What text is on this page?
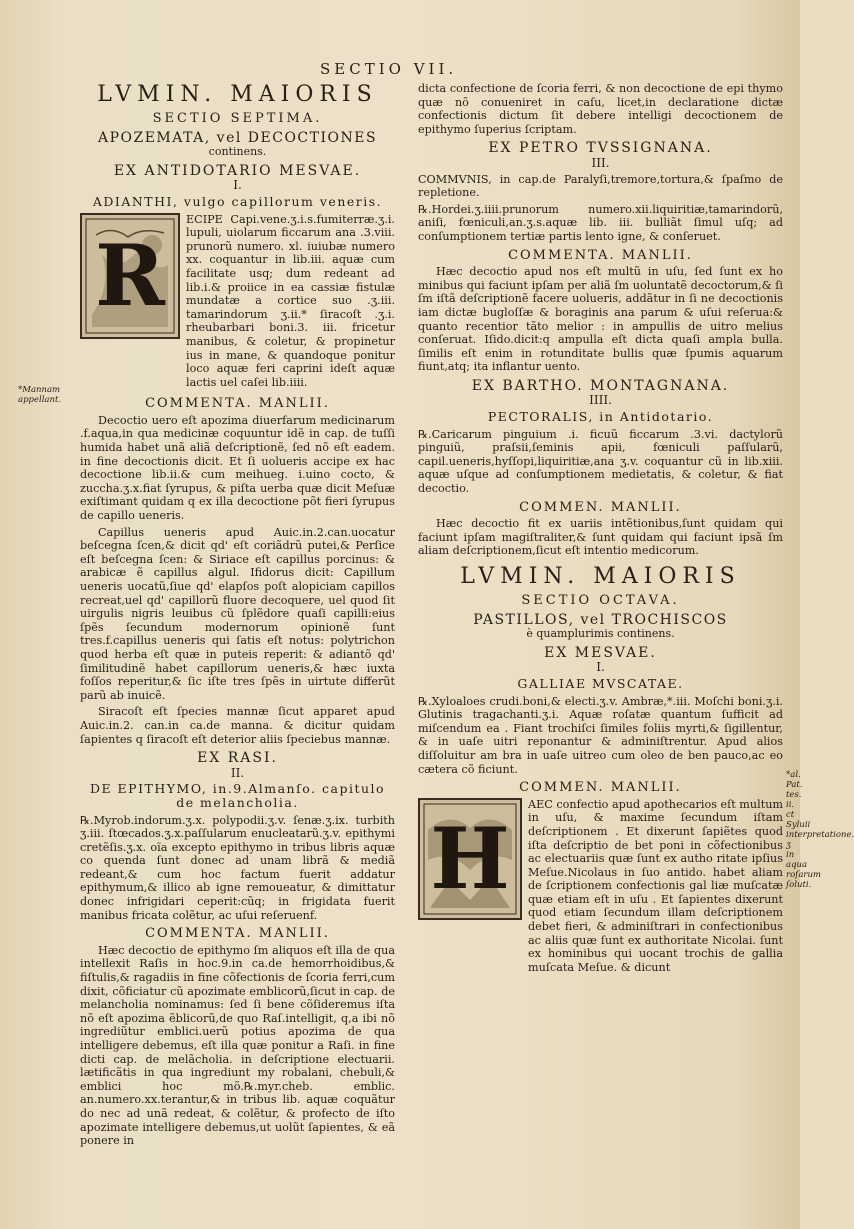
SECTIO VII.
LVMIN. MAIORIS
SECTIO SEPTIMA.
APOZEMATA, vel DECOCTIONES
continens.
EX ANTIDOTARIO MESVAE.
I.
ADIANTHI, vulgo capillorum veneris.
R

ECIPE Capi.vene.ʒ.i.s.fumiterræ.ʒ.i. lupuli, uiolarum ficcarum ana .3.viii. prunorũ numero. xl. iuiubæ numero xx. coquantur in lib.iii. aquæ cum facilitate usq; dum redeant ad lib.i.& proiice in ea cassiæ fistulæ mundatæ a cortice suo .ʒ.iii. tamarindorum ʒ.ii.* ſiracoſt .ʒ.i. rheubarbari boni.3. iii. fricetur manibus, & coletur, & propinetur ius in mane, & quandoque ponitur loco aquæ feri caprini ideſt aquæ lactis uel caſei lib.iiii.

COMMENTA. MANLII.

Decoctio uero eſt apozima diuerfarum medicinarum .f.aqua,in qua medicinæ coquuntur idẽ in cap. de tuſſi humida habet unã aliã deſcriptionẽ, ſed nõ eſt eadem. in fine decoctionis dicit. Et ſi uolueris accipe ex hac decoctione lib.ii.& cum meihueg. i.uino cocto, & zuccha.ʒ.x.fiat ſyrupus, & piſta uerba quæ dicit Meſuæ exiſtimant quidam q ex illa decoctione põt fieri ſyrupus de capillo ueneris.

Capillus ueneris apud Auic.in.2.can.uocatur beſcegna ſcen,& dicit qd' eſt coriãdrũ putei,& Perſice eſt beſcegna ſcen: & Siriace eſt capillus porcinus: & arabicæ ẽ capillus algul. Ifidorus dicit: Capillum ueneris uocatũ,ſiue qd' elapſos poſt alopiciam capillos recreat,uel qd' capillorũ fluore decoquere, uel quod ſit uirgulis nigris leuibus cũ ſplẽdore quaſi capilli:eius ſpẽs ſecundum modernorum opinionẽ ſunt tres.f.capillus ueneris qui ſatis eſt notus: polytrichon quod herba eſt quæ in puteis reperit: & adiantõ qd' ſimilitudinẽ habet capillorum ueneris,& hæc iuxta foſſos reperitur,& ſic iſte tres ſpẽs in uirtute differũt parũ ab inuicẽ.

Siracoſt eſt ſpecies mannæ ſicut apparet apud Auic.in.2. can.in ca.de manna. & dicitur quidam ſapientes q ſiracoſt eſt deterior aliis ſpeciebus mannæ.

EX RASI.
II.
DE EPITHYMO, in.9.Almanſo. capitulo de melancholia.

℞.Myrob.indorum.ʒ.x. polypodii.ʒ.v. ſenæ.ʒ.ix. turbith ʒ.iii. ſtœcados.ʒ.x.paſſularum enucleatarũ.ʒ.v. epithymi cretẽſis.ʒ.x. oĩa excepto epithymo in tribus libris aquæ co quenda ſunt donec ad unam librã & mediã redeant,& cum hoc factum fuerit addatur epithymum,& illico ab igne remoueatur, & dimittatur donec infrigidari ceperit:cũq; in frigidata fuerit manibus fricata colẽtur, ac uſui reſeruenf.

COMMENTA. MANLII.

Hæc decoctio de epithymo ſm aliquos eſt illa de qua intellexit Raſis in hoc.9.in ca.de hemorrhoidibus,& fiſtulis,& ragadiis in fine cõfectionis de ſcoria ferri,cum dixit, cõficiatur cũ apozimate emblicorũ,ſicut in cap. de melancholia nominamus: ſed ſi bene cõſideremus iſta nõ eſt apozima ẽblicorũ,de quo Raſ.intelligit, q,a ibi nõ ingrediũtur emblici.uerũ potius apozima de qua intelligere debemus, eſt illa quæ ponitur a Raſi. in fine dicti cap. de melãcholia. in deſcriptione electuarii. lætificãtis in qua ingrediunt my robalani, chebuli,& emblici hoc mõ.℞.myr.cheb. emblic. an.numero.xx.terantur,& in tribus lib. aquæ coquãtur do nec ad unã redeat, & colẽtur, & profecto de iſto apozimate intelligere debemus,ut uolũt ſapientes, & eã ponere in

*Mannam appellant.

dicta confectione de ſcoria ferri, & non decoctione de epi thymo quæ nõ conueniret in caſu, licet,in declaratione dictæ confectionis dictum ſit debere intelligi decoctionem de epithymo ſuperius ſcriptam.

EX PETRO TVSSIGNANA.
III.

COMMVNIS, in cap.de Paralyſi,tremore,tortura,& ſpaſmo de repletione.

℞.Hordei.ʒ.iiii.prunorum numero.xii.liquiritiæ,tamarindorũ, aniſi, fœniculi,an.ʒ.s.aquæ lib. iii. bulliãt ſimul uſq; ad conſumptionem tertiæ partis lento igne, & conſeruet.

COMMENTA. MANLII.

Hæc decoctio apud nos eſt multũ in uſu, ſed ſunt ex ho minibus qui faciunt ipſam per aliã ſm uoluntatẽ decoctorum,& ſi ſm iſtã deſcriptionẽ facere uolueris, addãtur in ſi ne decoctionis iam dictæ bugloſſæ & boraginis ana parum & uſui reſerua:& quanto recentior tãto melior : in ampullis de uitro melius conſeruat. Iſido.dicit:q ampulla eſt dicta quaſi ampla bulla. ſimilis eſt enim in rotunditate bullis quæ ſpumis aquarum fiunt,atq; ita inflantur uento.

EX BARTHO. MONTAGNANA.
IIII.
PECTORALIS, in Antidotario.

℞.Caricarum pinguium .i. ficuũ ficcarum .3.vi. dactylorũ pinguiũ, praſsii,ſeminis apii, fœniculi paſſularũ, capil.ueneris,hyſſopi,liquiritiæ,ana ʒ.v. coquantur cũ in lib.xiii. aquæ uſque ad conſumptionem medietatis, & coletur, & fiat decoctio.

COMMEN. MANLII.

Hæc decoctio fit ex uariis intẽtionibus,ſunt quidam qui faciunt ipſam magiſtraliter,& ſunt quidam qui faciunt ipsã ſm aliam deſcriptionem,ſicut eſt intentio medicorum.

LVMIN. MAIORIS
SECTIO OCTAVA.
PASTILLOS, vel TROCHISCOS
è quamplurimis continens.
EX MESVAE.
I.
GALLIAE MVSCATAE.

℞.Xyloaloes crudi.boni,& electi.ʒ.v. Ambræ,*.iii. Moſchi boni.ʒ.i. Glutinis tragachanti.ʒ.i. Aquæ roſatæ quantum ſufficit ad miſcendum ea . Fiant trochiſci ſimiles foliis myrti,& ſigillentur, & in uaſe uitri reponantur & adminiſtrentur. Apud alios diſſoluitur am bra in uaſe uitreo cum oleo de ben pauco,ac eo cætera cõ ficiunt.

COMMEN. MANLII.
H

AEC confectio apud apothecarios eſt multum in uſu, & maxime ſecundum iſtam deſcriptionem . Et dixerunt ſapiẽtes quod iſta deſcriptio de bet poni in cõfectionibus ac electuariis quæ ſunt ex autho ritate ipſius Meſue.Nicolaus in ſuo antido. habet aliam de ſcriptionem confectionis gal liæ muſcatæ quæ etiam eſt in uſu . Et ſapientes dixerunt quod etiam ſecundum illam deſcriptionem debet fieri, & adminiſtrari in confectionibus ac aliis quæ ſunt ex authoritate Nicolai. ſunt ex hominibus qui uocant trochis de gallia muſcata Meſue. & dicunt

*al. Pat. tes. ii. ct Syluii interpretatione. ʒ in aqua roſarum ſoluti.
